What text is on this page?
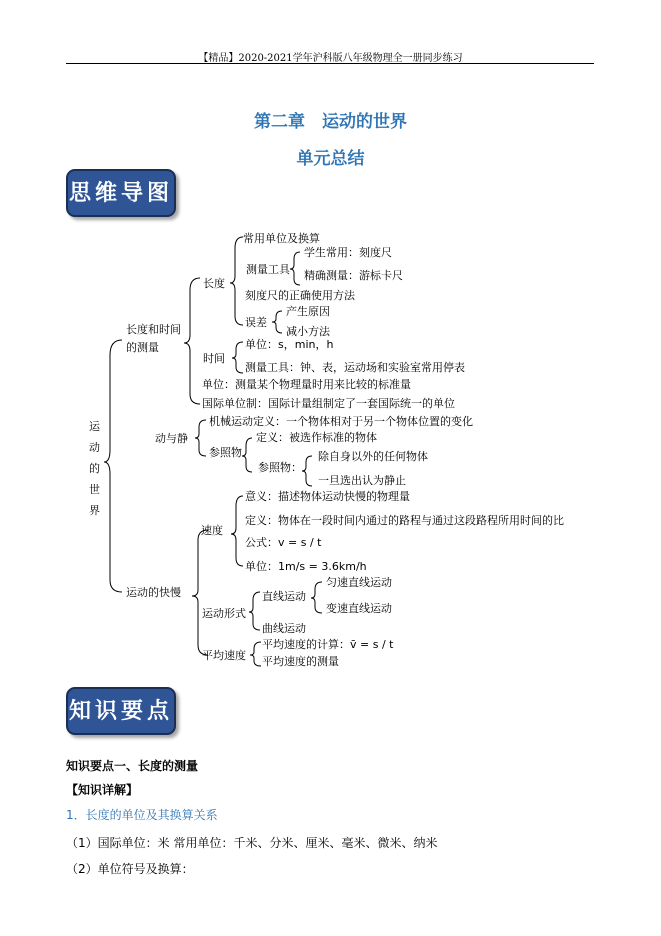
【精品】2020-2021学年沪科版八年级物理全一册同步练习
第二章　运动的世界
单元总结
思维导图
运
动
的
世
界
长度和时间
的测量
动与静
运动的快慢
长度
常用单位及换算
测量工具
学生常用：刻度尺
精确测量：游标卡尺
刻度尺的正确使用方法
误差
产生原因
减小方法
时间
单位：s，min，h
测量工具：钟、表，运动场和实验室常用停表
单位：测量某个物理量时用来比较的标准量
国际单位制：国际计量组制定了一套国际统一的单位
机械运动定义：一个物体相对于另一个物体位置的变化
参照物
定义：被选作标准的物体
参照物：
除自身以外的任何物体
一旦选出认为静止
速度
意义：描述物体运动快慢的物理量
定义：物体在一段时间内通过的路程与通过这段路程所用时间的比
公式：v = s / t
单位：1m/s = 3.6km/h
运动形式
直线运动
匀速直线运动
变速直线运动
曲线运动
平均速度
平均速度的计算：v̄ = s / t
平均速度的测量
知识要点
知识要点一、长度的测量
【知识详解】
1．长度的单位及其换算关系
（1）国际单位：米 常用单位：千米、分米、厘米、毫米、微米、纳米
（2）单位符号及换算：
